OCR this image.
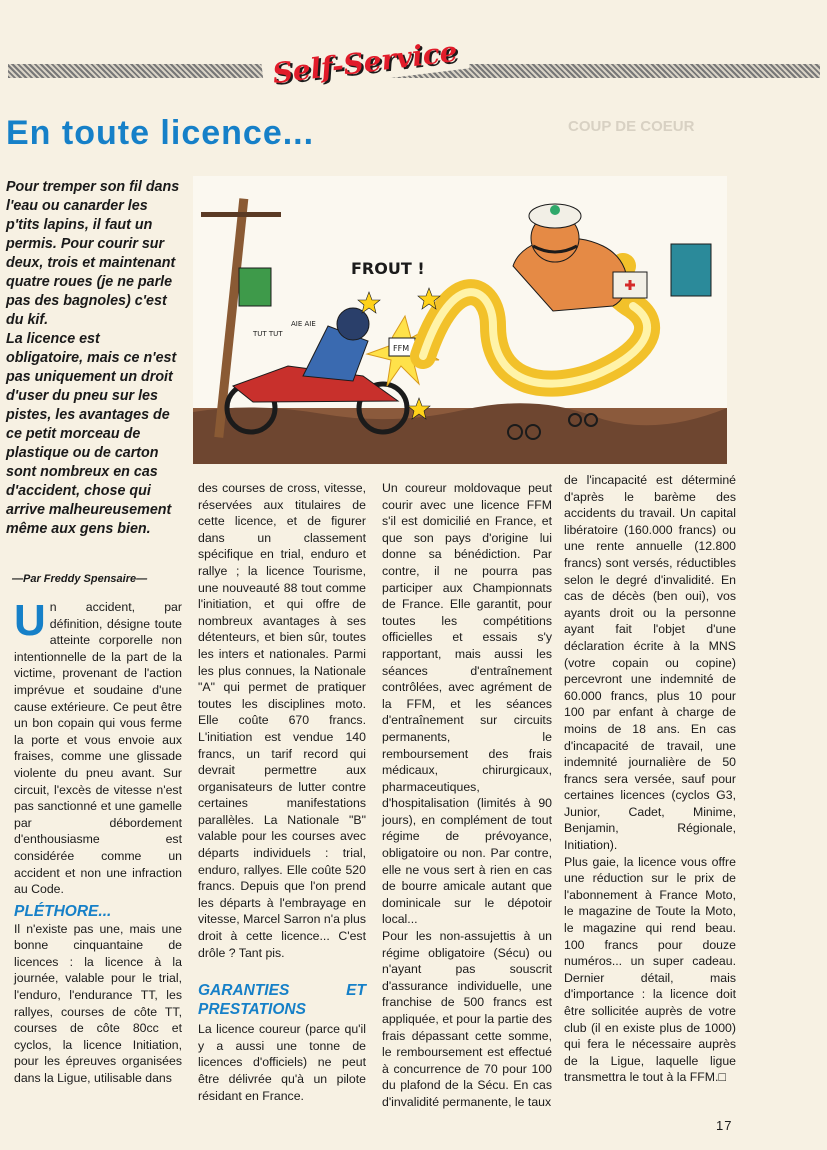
Self-Service
COUP DE COEUR
En toute licence...

Pour tremper son fil dans l'eau ou canarder les p'tits lapins, il faut un permis. Pour courir sur deux, trois et maintenant quatre roues (je ne parle pas des bagnoles) c'est du kif.

La licence est obligatoire, mais ce n'est pas uniquement un droit d'user du pneu sur les pistes, les avantages de ce petit morceau de plastique ou de carton sont nombreux en cas d'accident, chose qui arrive malheureusement même aux gens bien.

—Par Freddy Spensaire—
FFM
FROUT !
AIE AIE
TUT TUT

Un accident, par définition, désigne toute atteinte corporelle non intentionnelle de la part de la victime, provenant de l'action imprévue et soudaine d'une cause extérieure. Ce peut être un bon copain qui vous ferme la porte et vous envoie aux fraises, comme une glissade violente du pneu avant. Sur circuit, l'excès de vitesse n'est pas sanctionné et une gamelle par débordement d'enthousiasme est considérée comme un accident et non une infraction au Code.

PLÉTHORE...

Il n'existe pas une, mais une bonne cinquantaine de licences : la licence à la journée, valable pour le trial, l'enduro, l'endurance TT, les rallyes, courses de côte TT, courses de côte 80cc et cyclos, la licence Initiation, pour les épreuves organisées dans la Ligue, utilisable dans

des courses de cross, vitesse, réservées aux titulaires de cette licence, et de figurer dans un classement spécifique en trial, enduro et rallye ; la licence Tourisme, une nouveauté 88 tout comme l'initiation, et qui offre de nombreux avantages à ses détenteurs, et bien sûr, toutes les inters et nationales. Parmi les plus connues, la Nationale "A" qui permet de pratiquer toutes les disciplines moto. Elle coûte 670 francs. L'initiation est vendue 140 francs, un tarif record qui devrait permettre aux organisateurs de lutter contre certaines manifestations parallèles. La Nationale "B" valable pour les courses avec départs individuels : trial, enduro, rallyes. Elle coûte 520 francs. Depuis que l'on prend les départs à l'embrayage en vitesse, Marcel Sarron n'a plus droit à cette licence... C'est drôle ? Tant pis.

GARANTIES ET PRESTATIONS

La licence coureur (parce qu'il y a aussi une tonne de licences d'officiels) ne peut être délivrée qu'à un pilote résidant en France.

Un coureur moldovaque peut courir avec une licence FFM s'il est domicilié en France, et que son pays d'origine lui donne sa bénédiction. Par contre, il ne pourra pas participer aux Championnats de France. Elle garantit, pour toutes les compétitions officielles et essais s'y rapportant, mais aussi les séances d'entraînement contrôlées, avec agrément de la FFM, et les séances d'entraînement sur circuits permanents, le remboursement des frais médicaux, chirurgicaux, pharmaceutiques, d'hospitalisation (limités à 90 jours), en complément de tout régime de prévoyance, obligatoire ou non. Par contre, elle ne vous sert à rien en cas de bourre amicale autant que dominicale sur le dépotoir local...

Pour les non-assujettis à un régime obligatoire (Sécu) ou n'ayant pas souscrit d'assurance individuelle, une franchise de 500 francs est appliquée, et pour la partie des frais dépassant cette somme, le remboursement est effectué à concurrence de 70 pour 100 du plafond de la Sécu. En cas d'invalidité permanente, le taux

de l'incapacité est déterminé d'après le barème des accidents du travail. Un capital libératoire (160.000 francs) ou une rente annuelle (12.800 francs) sont versés, réductibles selon le degré d'invalidité. En cas de décès (ben oui), vos ayants droit ou la personne ayant fait l'objet d'une déclaration écrite à la MNS (votre copain ou copine) percevront une indemnité de 60.000 francs, plus 10 pour 100 par enfant à charge de moins de 18 ans. En cas d'incapacité de travail, une indemnité journalière de 50 francs sera versée, sauf pour certaines licences (cyclos G3, Junior, Cadet, Minime, Benjamin, Régionale, Initiation).

Plus gaie, la licence vous offre une réduction sur le prix de l'abonnement à France Moto, le magazine de Toute la Moto, le magazine qui rend beau. 100 francs pour douze numéros... un super cadeau. Dernier détail, mais d'importance : la licence doit être sollicitée auprès de votre club (il en existe plus de 1000) qui fera le nécessaire auprès de la Ligue, laquelle ligue transmettra le tout à la FFM.□

17
